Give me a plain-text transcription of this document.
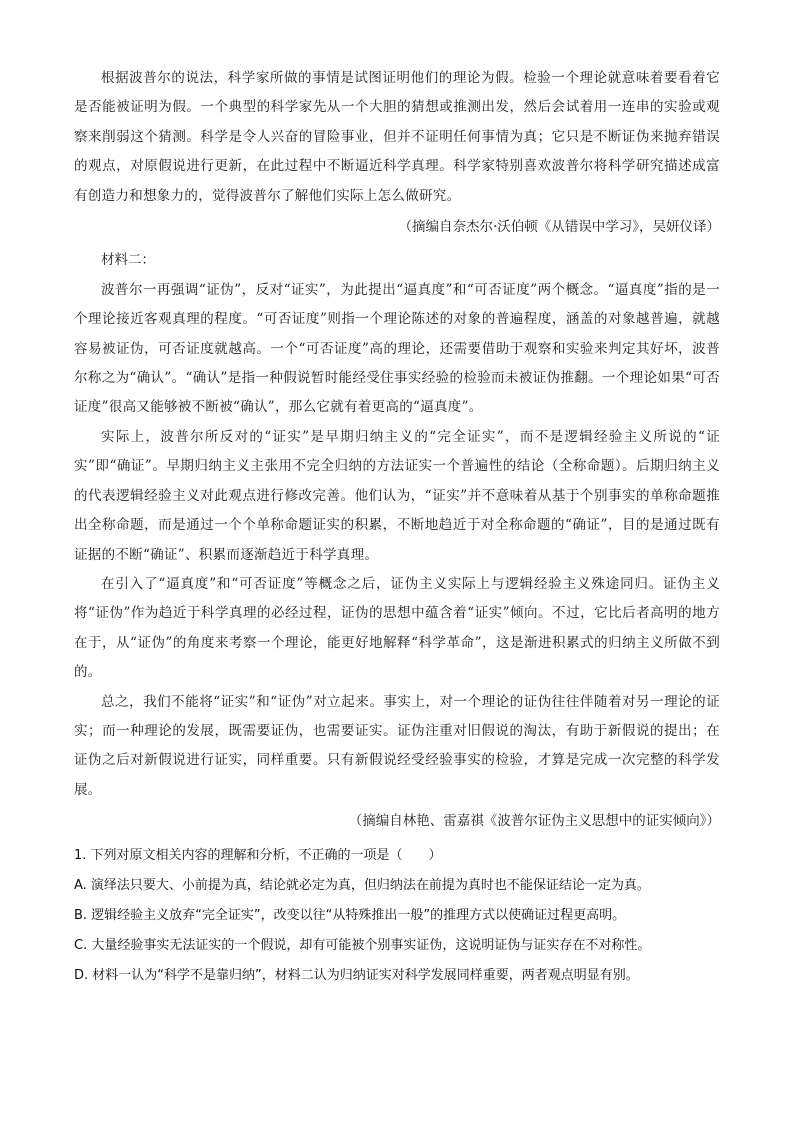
根据波普尔的说法，科学家所做的事情是试图证明他们的理论为假。检验一个理论就意味着要看着它是否能被证明为假。一个典型的科学家先从一个大胆的猜想或推测出发，然后会试着用一连串的实验或观察来削弱这个猜测。科学是令人兴奋的冒险事业，但并不证明任何事情为真；它只是不断证伪来抛弃错误的观点，对原假说进行更新，在此过程中不断逼近科学真理。科学家特别喜欢波普尔将科学研究描述成富有创造力和想象力的，觉得波普尔了解他们实际上怎么做研究。

（摘编自奈杰尔·沃伯顿《从错误中学习》，吴妍仪译）

材料二：

波普尔一再强调“证伪”，反对“证实”，为此提出“逼真度”和“可否证度”两个概念。“逼真度”指的是一个理论接近客观真理的程度。“可否证度”则指一个理论陈述的对象的普遍程度，涵盖的对象越普遍，就越容易被证伪，可否证度就越高。一个“可否证度”高的理论，还需要借助于观察和实验来判定其好坏，波普尔称之为“确认”。“确认”是指一种假说暂时能经受住事实经验的检验而未被证伪推翻。一个理论如果“可否证度”很高又能够被不断被“确认”，那么它就有着更高的“逼真度”。

实际上，波普尔所反对的“证实”是早期归纳主义的“完全证实”，而不是逻辑经验主义所说的“证实”即“确证”。早期归纳主义主张用不完全归纳的方法证实一个普遍性的结论（全称命题）。后期归纳主义的代表逻辑经验主义对此观点进行修改完善。他们认为，“证实”并不意味着从基于个别事实的单称命题推出全称命题，而是通过一个个单称命题证实的积累，不断地趋近于对全称命题的“确证”，目的是通过既有证据的不断“确证”、积累而逐渐趋近于科学真理。

在引入了“逼真度”和“可否证度”等概念之后，证伪主义实际上与逻辑经验主义殊途同归。证伪主义将“证伪”作为趋近于科学真理的必经过程，证伪的思想中蕴含着“证实”倾向。不过，它比后者高明的地方在于，从“证伪”的角度来考察一个理论，能更好地解释“科学革命”，这是渐进积累式的归纳主义所做不到的。

总之，我们不能将“证实”和“证伪”对立起来。事实上，对一个理论的证伪往往伴随着对另一理论的证实；而一种理论的发展，既需要证伪，也需要证实。证伪注重对旧假说的淘汰，有助于新假说的提出；在证伪之后对新假说进行证实，同样重要。只有新假说经受经验事实的检验，才算是完成一次完整的科学发展。

（摘编自林艳、雷嘉祺《波普尔证伪主义思想中的证实倾向》）

1. 下列对原文相关内容的理解和分析，不正确的一项是（　　）

A. 演绎法只要大、小前提为真，结论就必定为真，但归纳法在前提为真时也不能保证结论一定为真。

B. 逻辑经验主义放弃“完全证实”，改变以往“从特殊推出一般”的推理方式以使确证过程更高明。

C. 大量经验事实无法证实的一个假说，却有可能被个别事实证伪，这说明证伪与证实存在不对称性。

D. 材料一认为“科学不是靠归纳”，材料二认为归纳证实对科学发展同样重要，两者观点明显有别。
